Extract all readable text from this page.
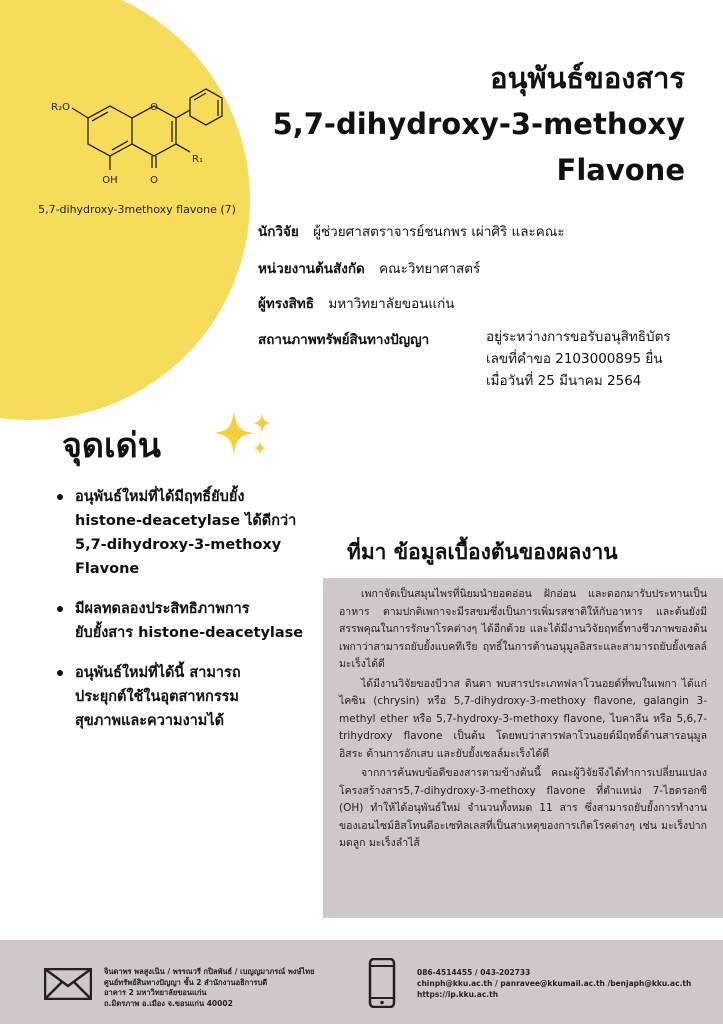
O
R₂O
OH	O
R₁
5,7-dihydroxy-3methoxy flavone (7)
อนุพันธ์ของสาร
5,7-dihydroxy-3-methoxy
Flavone
นักวิจัย ผู้ช่วยศาสตราจารย์ชนกพร เผ่าศิริ และคณะ
หน่วยงานต้นสังกัด คณะวิทยาศาสตร์
ผู้ทรงสิทธิ มหาวิทยาลัยขอนแก่น
สถานภาพทรัพย์สินทางปัญญา	อยู่ระหว่างการขอรับอนุสิทธิบัตร
เลขที่คำขอ 2103000895 ยื่น
เมื่อวันที่ 25 มีนาคม 2564
จุดเด่น
อนุพันธ์ใหม่ที่ได้มีฤทธิ์ยับยั้ง
histone-deacetylase ได้ดีกว่า
5,7-dihydroxy-3-methoxy
Flavone
มีผลทดลองประสิทธิภาพการ
ยับยั้งสาร histone-deacetylase
อนุพันธ์ใหม่ที่ได้นี้ สามารถ
ประยุกต์ใช้ในอุตสาหกรรม
สุขภาพและความงามได้
ที่มา ข้อมูลเบื้องต้นของผลงาน

เพกาจัดเป็นสมุนไพรที่นิยมนำยอดอ่อน ฝักอ่อน และดอกมารับประทานเป็นอาหาร ตามปกติเพกาจะมีรสขมซึ่งเป็นการเพิ่มรสชาติให้กับอาหาร และต้นยังมีสรรพคุณในการรักษาโรคต่างๆ ได้อีกด้วย และได้มีงานวิจัยฤทธิ์ทางชีวภาพของต้นเพกาว่าสามารถยับยั้งแบคทีเรีย ฤทธิ์ในการต้านอนุมูลอิสระและสามารถยับยั้งเซลล์มะเร็งได้ดี

ได้มีงานวิจัยของบีวาส ดินดา พบสารประเภทฟลาโวนอยด์ที่พบในเพกา ได้แก่ ไคซิน (chrysin) หรือ 5,7-dihydroxy-3-methoxy flavone, galangin 3-methyl ether หรือ 5,7-hydroxy-3-methoxy flavone, ไบคาลีน หรือ 5,6,7-trihydroxy flavone เป็นต้น โดยพบว่าสารฟลาโวนอยด์มีฤทธิ์ต้านสารอนุมูลอิสระ ต้านการอักเสบ และยับยั้งเซลล์มะเร็งได้ดี

จากการค้นพบข้อดีของสารตามข้างต้นนี้ คณะผู้วิจัยจึงได้ทำการเปลี่ยนแปลงโครงสร้างสาร5,7-dihydroxy-3-methoxy flavone ที่ตำแหน่ง 7-ไฮดรอกซี (OH) ทำให้ได้อนุพันธ์ใหม่ จำนวนทั้งหมด 11 สาร ซึ่งสามารถยับยั้งการทำงานของเอนไซม์ฮิสโทนดีอะเซทิลเลสที่เป็นสาเหตุของการเกิดโรคต่างๆ เช่น มะเร็งปากมดลูก มะเร็งลำไส้

จินดาพร พลสูงเนิน / พรรณวรี กปิลพันธ์ / เบญญมาภรณ์ พงษ์ไทย
ศูนย์ทรัพย์สินทางปัญญา ชั้น 2 สำนักงานอธิการบดี
อาคาร 2 มหาวิทยาลัยขอนแก่น
ถ.มิตรภาพ อ.เมือง จ.ขอนแก่น 40002
086-4514455 / 043-202733
chinph@kku.ac.th / panravee@kkumail.ac.th /benjaph@kku.ac.th
https://ip.kku.ac.th
